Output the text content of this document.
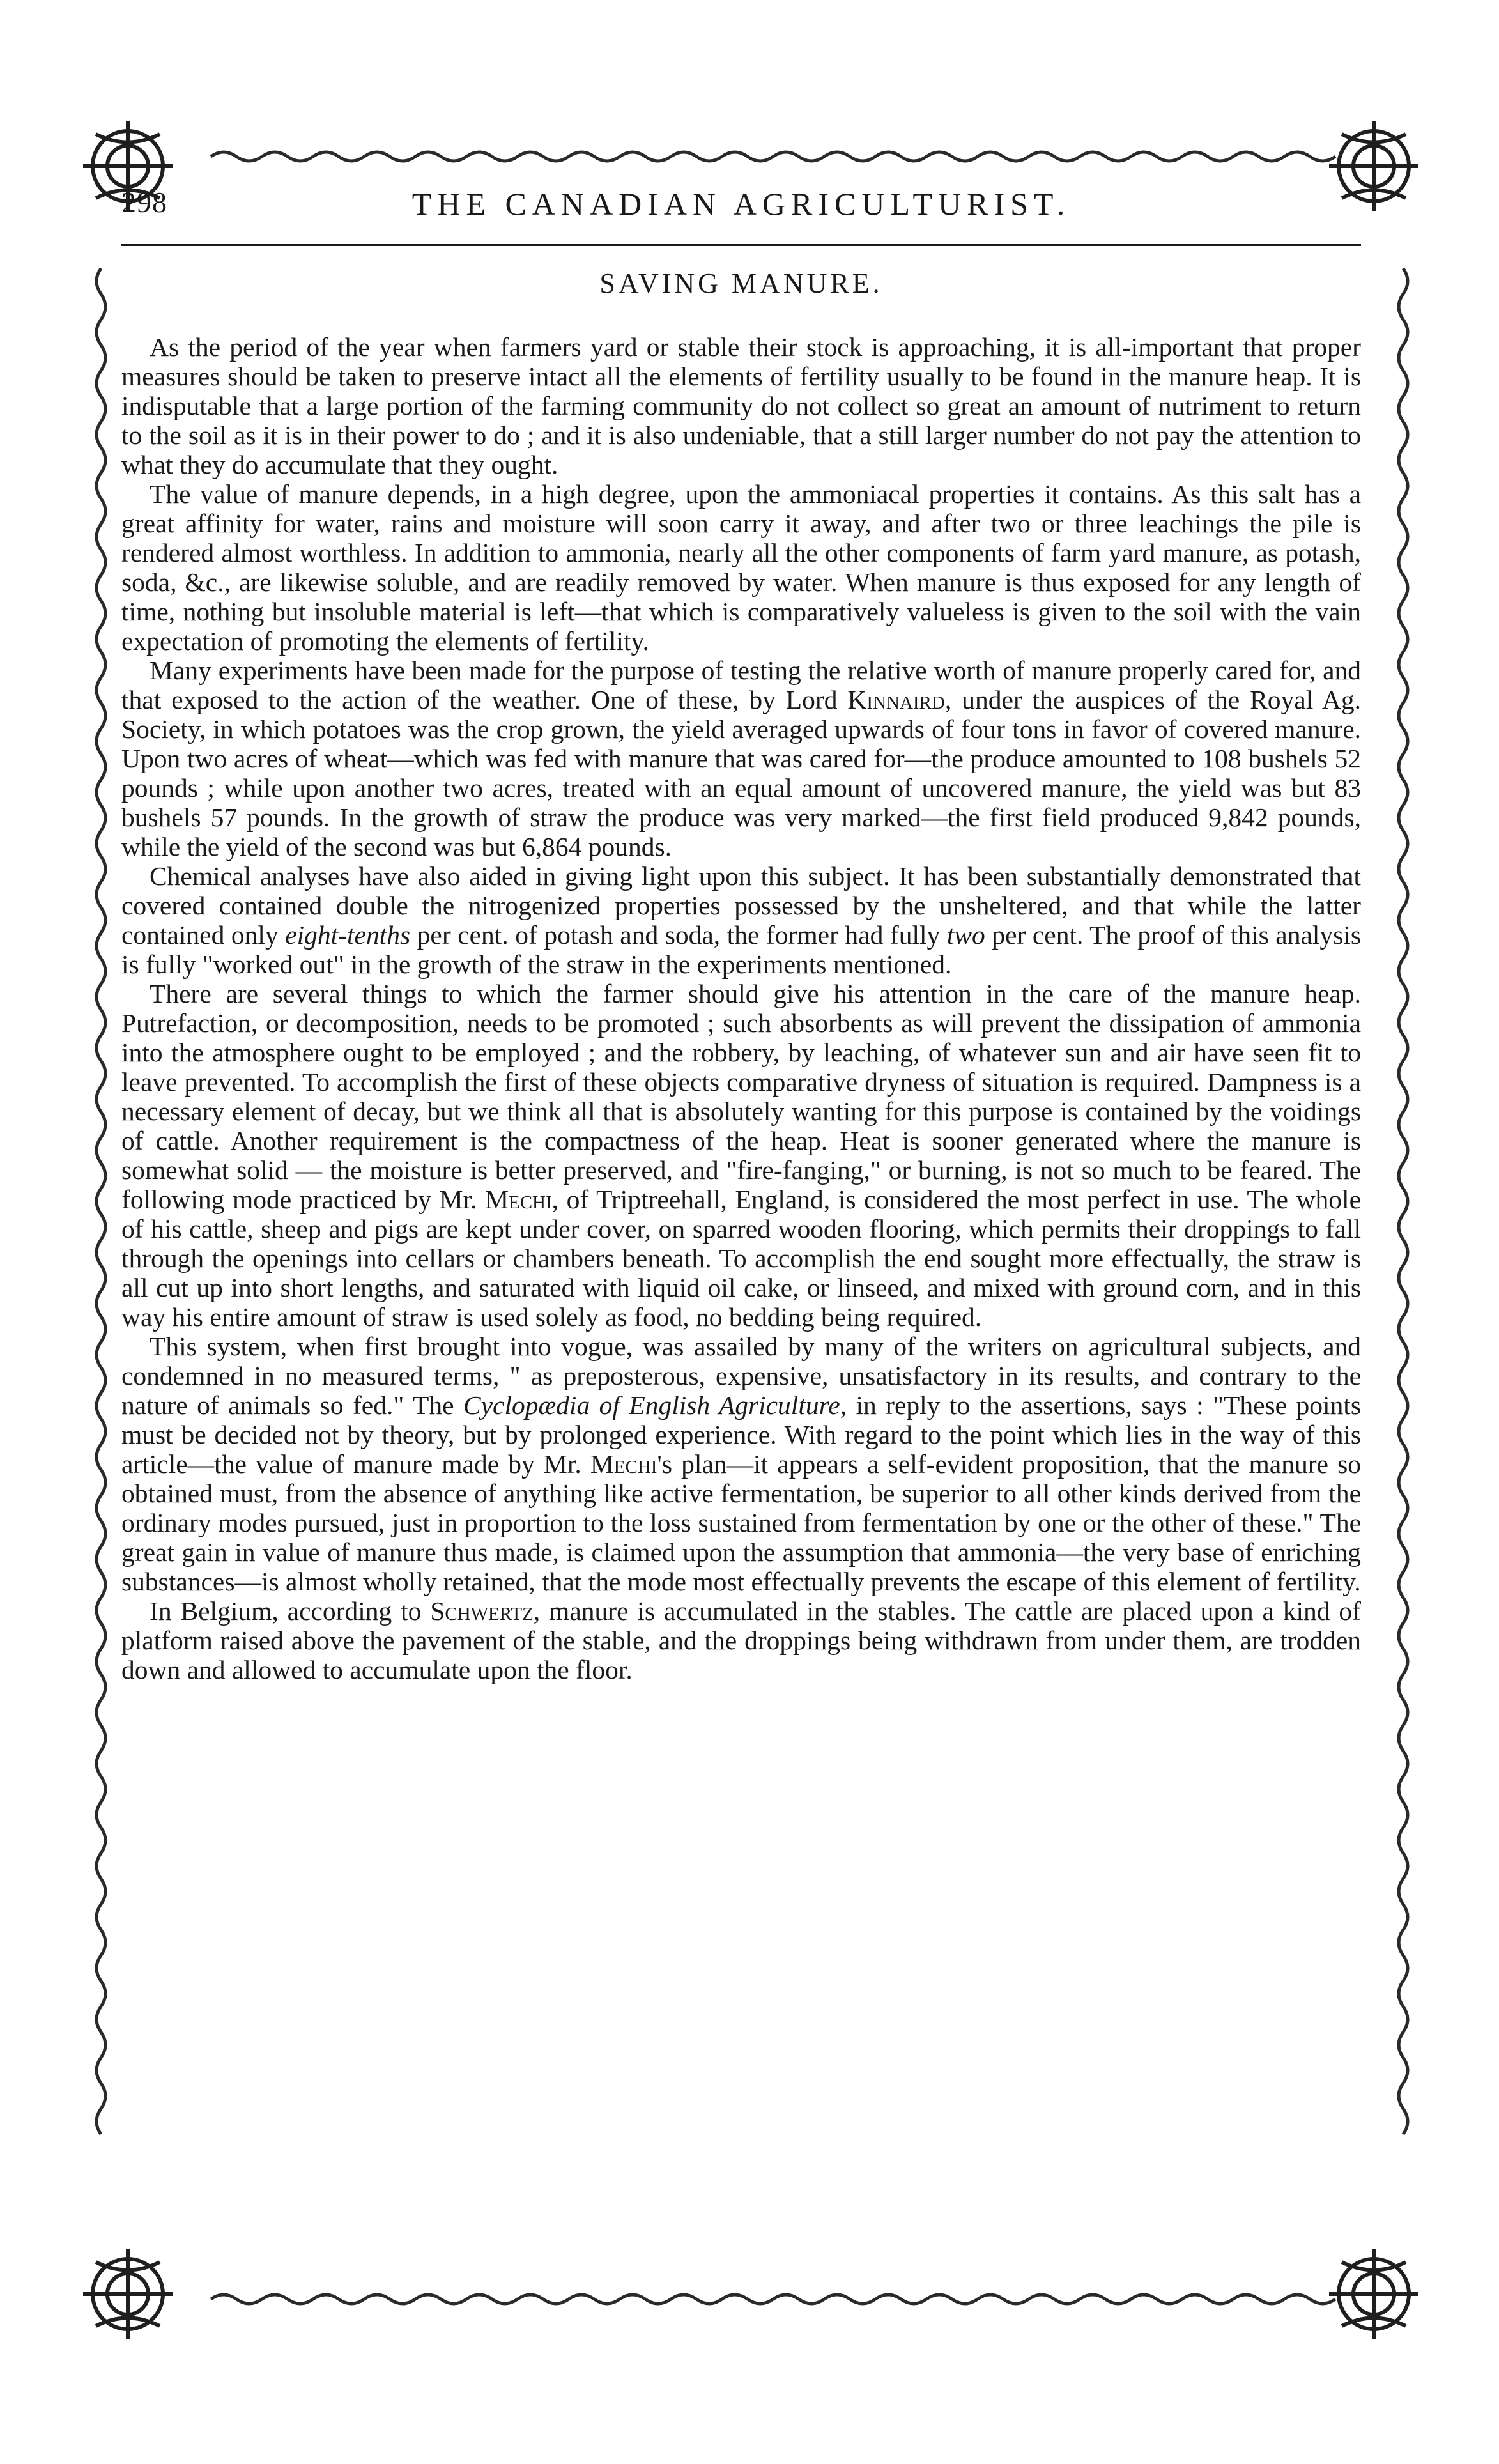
298	THE CANADIAN AGRICULTURIST.
SAVING MANURE.

As the period of the year when farmers yard or stable their stock is approaching, it is all-important that proper measures should be taken to preserve intact all the elements of fertility usually to be found in the manure heap. It is indisputable that a large portion of the farming community do not collect so great an amount of nutriment to return to the soil as it is in their power to do ; and it is also undeniable, that a still larger number do not pay the attention to what they do accumulate that they ought.

The value of manure depends, in a high degree, upon the ammoniacal properties it contains. As this salt has a great affinity for water, rains and moisture will soon carry it away, and after two or three leachings the pile is rendered almost worthless. In addition to ammonia, nearly all the other components of farm yard manure, as potash, soda, &c., are likewise soluble, and are readily removed by water. When manure is thus exposed for any length of time, nothing but insoluble material is left—that which is comparatively valueless is given to the soil with the vain expectation of promoting the elements of fertility.

Many experiments have been made for the purpose of testing the relative worth of manure properly cared for, and that exposed to the action of the weather. One of these, by Lord Kinnaird, under the auspices of the Royal Ag. Society, in which potatoes was the crop grown, the yield averaged upwards of four tons in favor of covered manure. Upon two acres of wheat—which was fed with manure that was cared for—the produce amounted to 108 bushels 52 pounds ; while upon another two acres, treated with an equal amount of uncovered manure, the yield was but 83 bushels 57 pounds. In the growth of straw the produce was very marked—the first field produced 9,842 pounds, while the yield of the second was but 6,864 pounds.

Chemical analyses have also aided in giving light upon this subject. It has been substantially demonstrated that covered contained double the nitrogenized properties possessed by the unsheltered, and that while the latter contained only eight-tenths per cent. of potash and soda, the former had fully two per cent. The proof of this analysis is fully "worked out" in the growth of the straw in the experiments mentioned.

There are several things to which the farmer should give his attention in the care of the manure heap. Putrefaction, or decomposition, needs to be promoted ; such absorbents as will prevent the dissipation of ammonia into the atmosphere ought to be employed ; and the robbery, by leaching, of whatever sun and air have seen fit to leave prevented. To accomplish the first of these objects comparative dryness of situation is required. Dampness is a necessary element of decay, but we think all that is absolutely wanting for this purpose is contained by the voidings of cattle. Another requirement is the compactness of the heap. Heat is sooner generated where the manure is somewhat solid — the moisture is better preserved, and "fire-fanging," or burning, is not so much to be feared. The following mode practiced by Mr. Mechi, of Triptreehall, England, is considered the most perfect in use. The whole of his cattle, sheep and pigs are kept under cover, on sparred wooden flooring, which permits their droppings to fall through the openings into cellars or chambers beneath. To accomplish the end sought more effectually, the straw is all cut up into short lengths, and saturated with liquid oil cake, or linseed, and mixed with ground corn, and in this way his entire amount of straw is used solely as food, no bedding being required.

This system, when first brought into vogue, was assailed by many of the writers on agricultural subjects, and condemned in no measured terms, " as preposterous, expensive, unsatisfactory in its results, and contrary to the nature of animals so fed." The Cyclopædia of English Agriculture, in reply to the assertions, says : "These points must be decided not by theory, but by prolonged experience. With regard to the point which lies in the way of this article—the value of manure made by Mr. Mechi's plan—it appears a self-evident proposition, that the manure so obtained must, from the absence of anything like active fermentation, be superior to all other kinds derived from the ordinary modes pursued, just in proportion to the loss sustained from fermentation by one or the other of these." The great gain in value of manure thus made, is claimed upon the assumption that ammonia—the very base of enriching substances—is almost wholly retained, that the mode most effectually prevents the escape of this element of fertility.

In Belgium, according to Schwertz, manure is accumulated in the stables. The cattle are placed upon a kind of platform raised above the pavement of the stable, and the droppings being withdrawn from under them, are trodden down and allowed to accumulate upon the floor.
